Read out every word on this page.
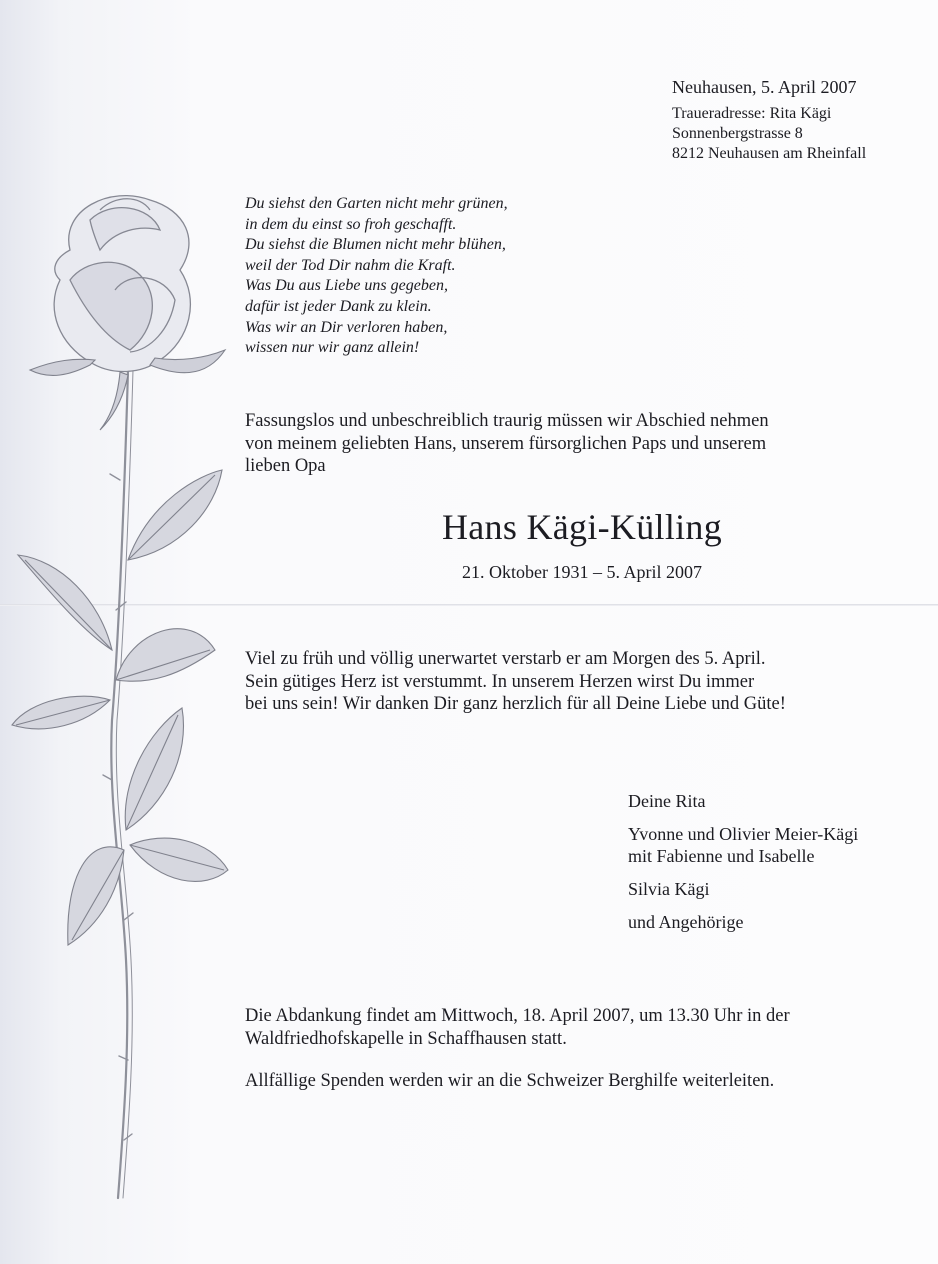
Neuhausen, 5. April 2007
Traueradresse: Rita Kägi
Sonnenbergstrasse 8
8212 Neuhausen am Rheinfall
Du siehst den Garten nicht mehr grünen,
in dem du einst so froh geschafft.
Du siehst die Blumen nicht mehr blühen,
weil der Tod Dir nahm die Kraft.
Was Du aus Liebe uns gegeben,
dafür ist jeder Dank zu klein.
Was wir an Dir verloren haben,
wissen nur wir ganz allein!
Fassungslos und unbeschreiblich traurig müssen wir Abschied nehmen
von meinem geliebten Hans, unserem fürsorglichen Paps und unserem
lieben Opa
Hans Kägi-Külling
21. Oktober 1931 – 5. April 2007
Viel zu früh und völlig unerwartet verstarb er am Morgen des 5. April.
Sein gütiges Herz ist verstummt. In unserem Herzen wirst Du immer
bei uns sein! Wir danken Dir ganz herzlich für all Deine Liebe und Güte!
Deine Rita
Yvonne und Olivier Meier-Kägi
mit Fabienne und Isabelle
Silvia Kägi
und Angehörige
Die Abdankung findet am Mittwoch, 18. April 2007, um 13.30 Uhr in der
Waldfriedhofskapelle in Schaffhausen statt.
Allfällige Spenden werden wir an die Schweizer Berghilfe weiterleiten.
